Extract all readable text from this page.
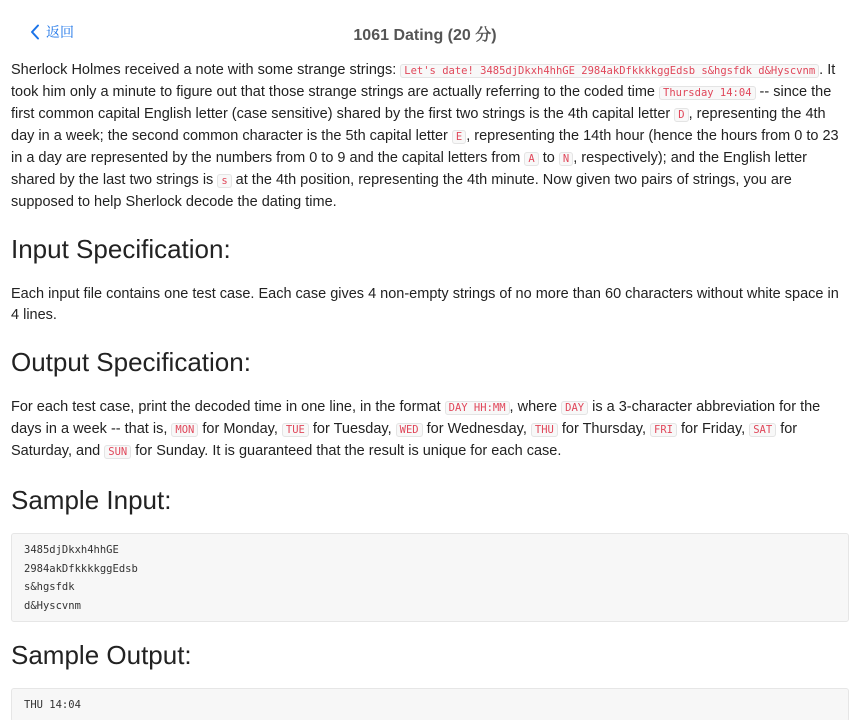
返回	1061 Dating (20 分)

Sherlock Holmes received a note with some strange strings: Let's date! 3485djDkxh4hhGE 2984akDfkkkkggEdsb s&hgsfdk d&Hyscvnm . It took him only a minute to figure out that those strange strings are actually referring to the coded time Thursday 14:04 -- since the first common capital English letter (case sensitive) shared by the first two strings is the 4th capital letter D , representing the 4th day in a week; the second common character is the 5th capital letter E , representing the 14th hour (hence the hours from 0 to 23 in a day are represented by the numbers from 0 to 9 and the capital letters from A to N , respectively); and the English letter shared by the last two strings is s at the 4th position, representing the 4th minute. Now given two pairs of strings, you are supposed to help Sherlock decode the dating time.

Input Specification:

Each input file contains one test case. Each case gives 4 non-empty strings of no more than 60 characters without white space in 4 lines.

Output Specification:

For each test case, print the decoded time in one line, in the format DAY HH:MM , where DAY is a 3-character abbreviation for the days in a week -- that is, MON for Monday, TUE for Tuesday, WED for Wednesday, THU for Thursday, FRI for Friday, SAT for Saturday, and SUN for Sunday. It is guaranteed that the result is unique for each case.

Sample Input:
3485djDkxh4hhGE
2984akDfkkkkggEdsb
s&hgsfdk
d&Hyscvnm
Sample Output:
THU 14:04
